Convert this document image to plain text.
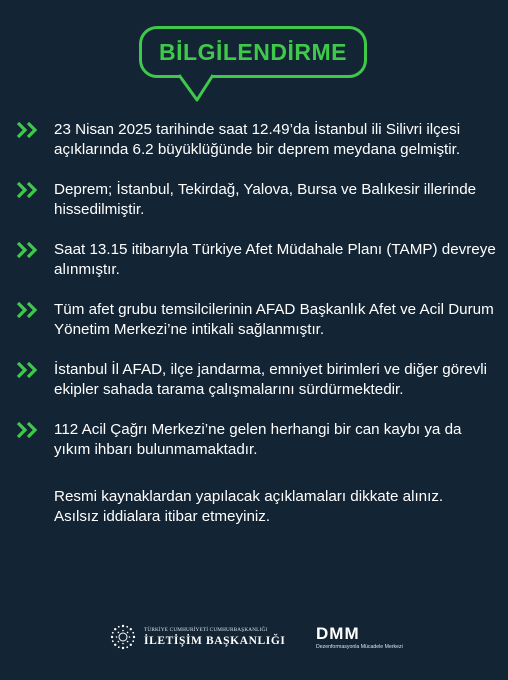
BİLGİLENDİRME
23 Nisan 2025 tarihinde saat 12.49’da İstanbul ili Silivri ilçesi açıklarında 6.2 büyüklüğünde bir deprem meydana gelmiştir.
Deprem; İstanbul, Tekirdağ, Yalova, Bursa ve Balıkesir illerinde hissedilmiştir.
Saat 13.15 itibarıyla Türkiye Afet Müdahale Planı (TAMP) devreye alınmıştır.
Tüm afet grubu temsilcilerinin AFAD Başkanlık Afet ve Acil Durum Yönetim Merkezi’ne intikali sağlanmıştır.
İstanbul İl AFAD, ilçe jandarma, emniyet birimleri ve diğer görevli ekipler sahada tarama çalışmalarını sürdürmektedir.
112 Acil Çağrı Merkezi’ne gelen herhangi bir can kaybı ya da yıkım ihbarı bulunmamaktadır.
Resmi kaynaklardan yapılacak açıklamaları dikkate alınız.
Asılsız iddialara itibar etmeyiniz.
TÜRKİYE CUMHURİYETİ CUMHURBAŞKANLIĞI
İLETİŞİM BAŞKANLIĞI DMM
Dezenformasyonla Mücadele Merkezi
